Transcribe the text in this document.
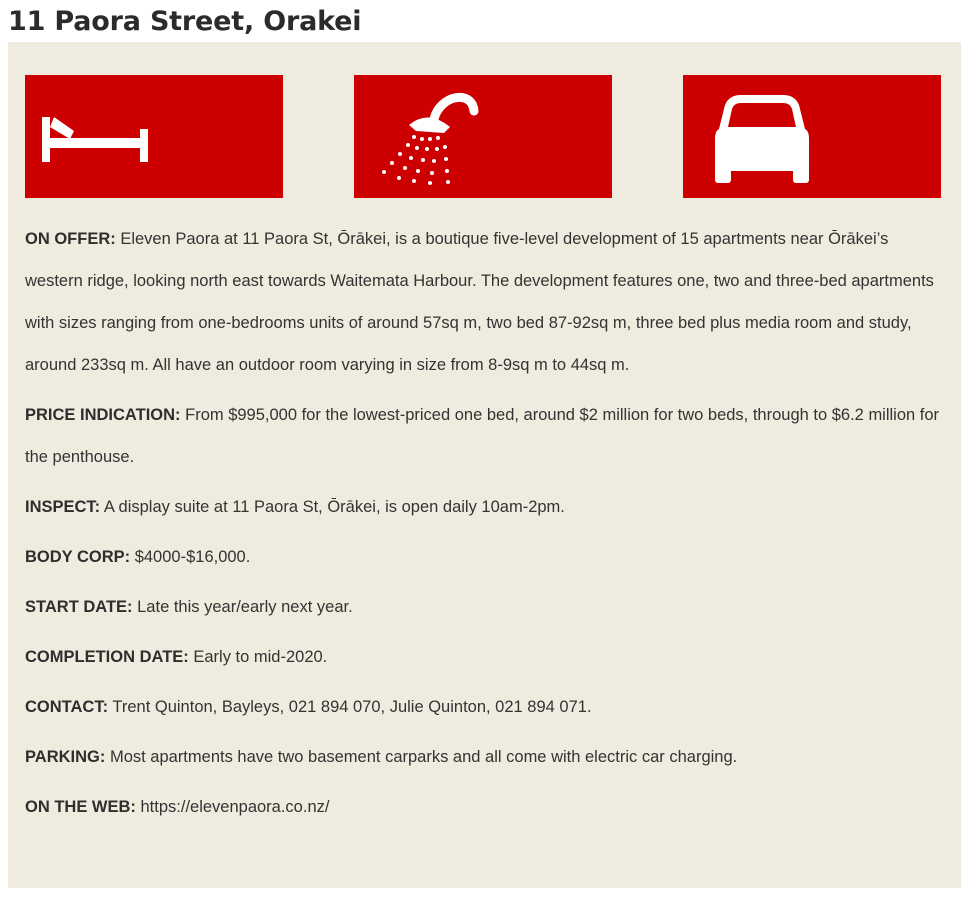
11 Paora Street, Orakei

ON OFFER: Eleven Paora at 11 Paora St, Ōrākei, is a boutique five-level development of 15 apartments near Ōrākei’s western ridge, looking north east towards Waitemata Harbour. The development features one, two and three-bed apartments with sizes ranging from one-bedrooms units of around 57sq m, two bed 87-92sq m, three bed plus media room and study, around 233sq m. All have an outdoor room varying in size from 8-9sq m to 44sq m.

PRICE INDICATION: From $995,000 for the lowest-priced one bed, around $2 million for two beds, through to $6.2 million for the penthouse.

INSPECT: A display suite at 11 Paora St, Ōrākei, is open daily 10am-2pm.

BODY CORP: $4000-$16,000.

START DATE: Late this year/early next year.

COMPLETION DATE: Early to mid-2020.

CONTACT: Trent Quinton, Bayleys, 021 894 070, Julie Quinton, 021 894 071.

PARKING: Most apartments have two basement carparks and all come with electric car charging.

ON THE WEB: https://elevenpaora.co.nz/
